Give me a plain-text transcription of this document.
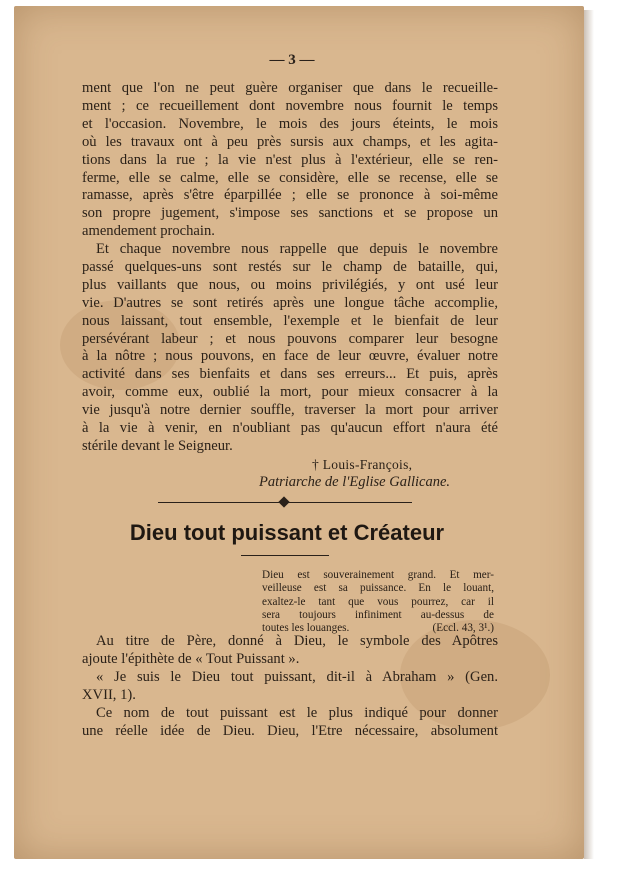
— 3 —
ment que l'on ne peut guère organiser que dans le recueille-
ment ; ce recueillement dont novembre nous fournit le temps
et l'occasion. Novembre, le mois des jours éteints, le mois
où les travaux ont à peu près sursis aux champs, et les agita-
tions dans la rue ; la vie n'est plus à l'extérieur, elle se ren-
ferme, elle se calme, elle se considère, elle se recense, elle se
ramasse, après s'être éparpillée ; elle se prononce à soi-même
son propre jugement, s'impose ses sanctions et se propose un
amendement prochain.
Et chaque novembre nous rappelle que depuis le novembre
passé quelques-uns sont restés sur le champ de bataille, qui,
plus vaillants que nous, ou moins privilégiés, y ont usé leur
vie. D'autres se sont retirés après une longue tâche accomplie,
nous laissant, tout ensemble, l'exemple et le bienfait de leur
persévérant labeur ; et nous pouvons comparer leur besogne
à la nôtre ; nous pouvons, en face de leur œuvre, évaluer notre
activité dans ses bienfaits et dans ses erreurs... Et puis, après
avoir, comme eux, oublié la mort, pour mieux consacrer à la
vie jusqu'à notre dernier souffle, traverser la mort pour arriver
à la vie à venir, en n'oubliant pas qu'aucun effort n'aura été
stérile devant le Seigneur.
† Louis-François,
Patriarche de l'Eglise Gallicane.
Dieu tout puissant et Créateur
Dieu est souverainement grand. Et mer-
veilleuse est sa puissance. En le louant,
exaltez-le tant que vous pourrez, car il
sera toujours infiniment au-dessus de
toutes les louanges.	(Eccl. 43, 3¹.)
Au titre de Père, donné à Dieu, le symbole des Apôtres
ajoute l'épithète de « Tout Puissant ».
« Je suis le Dieu tout puissant, dit-il à Abraham » (Gen.
XVII, 1).
Ce nom de tout puissant est le plus indiqué pour donner
une réelle idée de Dieu. Dieu, l'Etre nécessaire, absolument
